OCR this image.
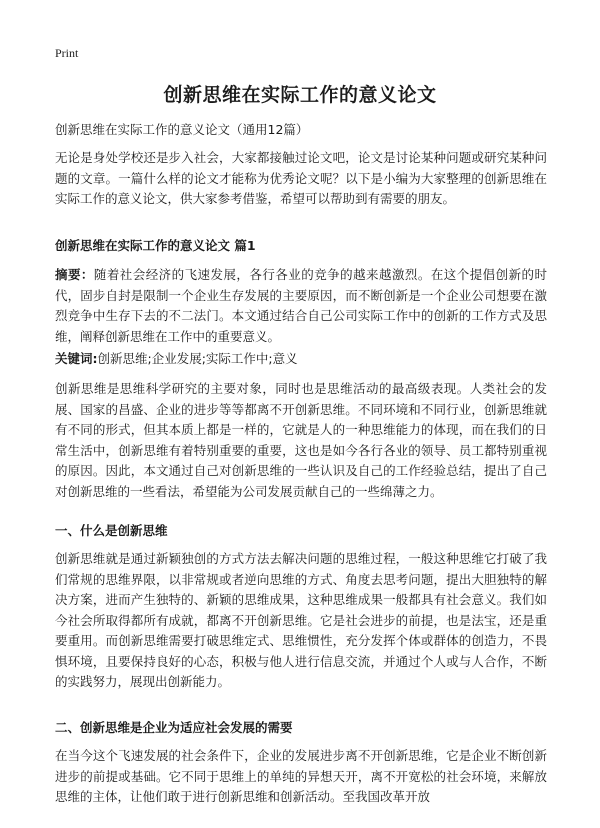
Print
创新思维在实际工作的意义论文
创新思维在实际工作的意义论文（通用12篇）
无论是身处学校还是步入社会，大家都接触过论文吧，论文是讨论某种问题或研究某种问题的文章。一篇什么样的论文才能称为优秀论文呢？以下是小编为大家整理的创新思维在实际工作的意义论文，供大家参考借鉴，希望可以帮助到有需要的朋友。
创新思维在实际工作的意义论文 篇1
摘要：随着社会经济的飞速发展，各行各业的竞争的越来越激烈。在这个提倡创新的时代，固步自封是限制一个企业生存发展的主要原因，而不断创新是一个企业公司想要在激烈竞争中生存下去的不二法门。本文通过结合自己公司实际工作中的创新的工作方式及思维，阐释创新思维在工作中的重要意义。
关键词:创新思维;企业发展;实际工作中;意义
创新思维是思维科学研究的主要对象，同时也是思维活动的最高级表现。人类社会的发展、国家的昌盛、企业的进步等等都离不开创新思维。不同环境和不同行业，创新思维就有不同的形式，但其本质上都是一样的，它就是人的一种思维能力的体现，而在我们的日常生活中，创新思维有着特别重要的重要，这也是如今各行各业的领导、员工都特别重视的原因。因此，本文通过自己对创新思维的一些认识及自己的工作经验总结，提出了自己对创新思维的一些看法，希望能为公司发展贡献自己的一些绵薄之力。
一、什么是创新思维
创新思维就是通过新颖独创的方式方法去解决问题的思维过程，一般这种思维它打破了我们常规的思维界限，以非常规或者逆向思维的方式、角度去思考问题，提出大胆独特的解决方案，进而产生独特的、新颖的思维成果，这种思维成果一般都具有社会意义。我们如今社会所取得都所有成就，都离不开创新思维。它是社会进步的前提，也是法宝，还是重要重用。而创新思维需要打破思维定式、思维惯性，充分发挥个体或群体的创造力，不畏惧环境，且要保持良好的心态，积极与他人进行信息交流，并通过个人或与人合作，不断的实践努力，展现出创新能力。
二、创新思维是企业为适应社会发展的需要
在当今这个飞速发展的社会条件下，企业的发展进步离不开创新思维，它是企业不断创新进步的前提或基础。它不同于思维上的单纯的异想天开，离不开宽松的社会环境，来解放思维的主体，让他们敢于进行创新思维和创新活动。至我国改革开放
